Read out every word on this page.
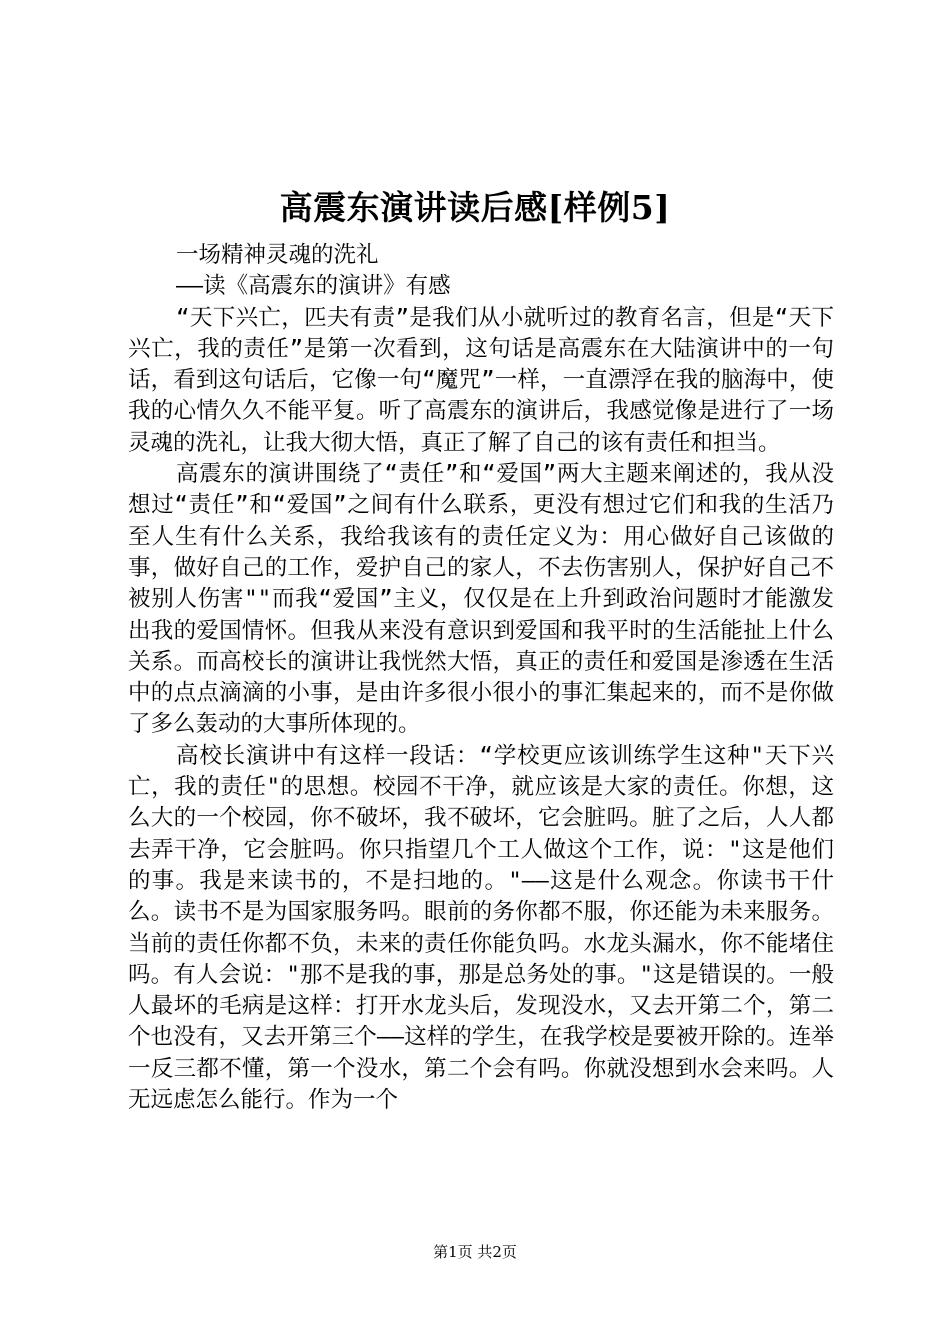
高震东演讲读后感[样例5]

一场精神灵魂的洗礼

——读《高震东的演讲》有感

“天下兴亡，匹夫有责”是我们从小就听过的教育名言，但是“天下兴亡，我的责任”是第一次看到，这句话是高震东在大陆演讲中的一句话，看到这句话后，它像一句“魔咒”一样，一直漂浮在我的脑海中，使我的心情久久不能平复。听了高震东的演讲后，我感觉像是进行了一场灵魂的洗礼，让我大彻大悟，真正了解了自己的该有责任和担当。

高震东的演讲围绕了“责任”和“爱国”两大主题来阐述的，我从没想过“责任”和“爱国”之间有什么联系，更没有想过它们和我的生活乃至人生有什么关系，我给我该有的责任定义为：用心做好自己该做的事，做好自己的工作，爱护自己的家人，不去伤害别人，保护好自己不被别人伤害""而我“爱国”主义，仅仅是在上升到政治问题时才能激发出我的爱国情怀。但我从来没有意识到爱国和我平时的生活能扯上什么关系。而高校长的演讲让我恍然大悟，真正的责任和爱国是渗透在生活中的点点滴滴的小事，是由许多很小很小的事汇集起来的，而不是你做了多么轰动的大事所体现的。

高校长演讲中有这样一段话：“学校更应该训练学生这种"天下兴亡，我的责任"的思想。校园不干净，就应该是大家的责任。你想，这么大的一个校园，你不破坏，我不破坏，它会脏吗。脏了之后，人人都去弄干净，它会脏吗。你只指望几个工人做这个工作，说："这是他们的事。我是来读书的，不是扫地的。"——这是什么观念。你读书干什么。读书不是为国家服务吗。眼前的务你都不服，你还能为未来服务。当前的责任你都不负，未来的责任你能负吗。水龙头漏水，你不能堵住吗。有人会说："那不是我的事，那是总务处的事。"这是错误的。一般人最坏的毛病是这样：打开水龙头后，发现没水，又去开第二个，第二个也没有，又去开第三个——这样的学生，在我学校是要被开除的。连举一反三都不懂，第一个没水，第二个会有吗。你就没想到水会来吗。人无远虑怎么能行。作为一个

第1页 共2页
